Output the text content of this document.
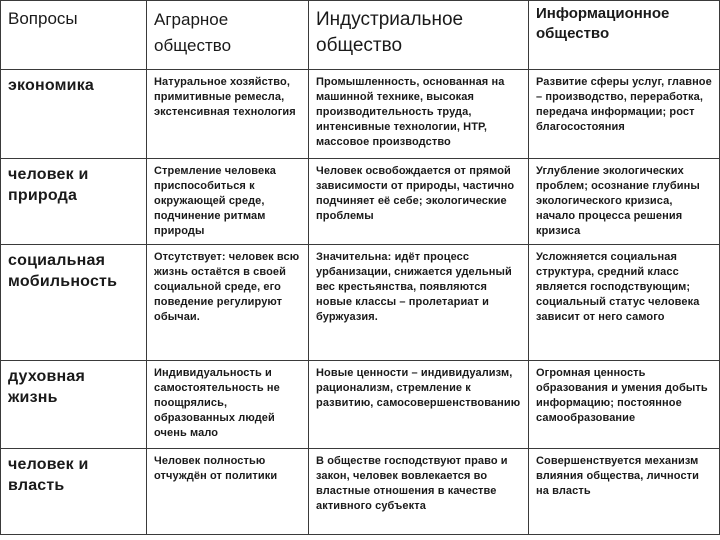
Вопросы	Аграрное общество	Индустриальное общество	Информационное общество
экономика	Натуральное хозяйство, примитивные ремесла, экстенсивная технология	Промышленность, основанная на машинной технике, высокая производительность труда, интенсивные технологии, НТР, массовое производство	Развитие сферы услуг, главное – производство, переработка, передача информации; рост благосостояния
человек и природа	Стремление человека приспособиться к окружающей среде, подчинение ритмам природы	Человек освобождается от прямой зависимости от природы, частично подчиняет её себе; экологические проблемы	Углубление экологических проблем; осознание глубины экологического кризиса, начало процесса решения кризиса
социальная мобильность	Отсутствует: человек всю жизнь остаётся в своей социальной среде, его поведение регулируют обычаи.	Значительна: идёт процесс урбанизации, снижается удельный вес крестьянства, появляются новые классы – пролетариат и буржуазия.	Усложняется социальная структура, средний класс является господствующим; социальный статус человека зависит от него самого
духовная жизнь	Индивидуальность и самостоятельность не поощрялись, образованных людей очень мало	Новые ценности – индивидуализм, рационализм, стремление к развитию, самосовершенствованию	Огромная ценность образования и умения добыть информацию; постоянное самообразование
человек и власть	Человек полностью отчуждён от политики	В обществе господствуют право и закон, человек вовлекается во властные отношения в качестве активного субъекта	Совершенствуется механизм влияния общества, личности на власть
